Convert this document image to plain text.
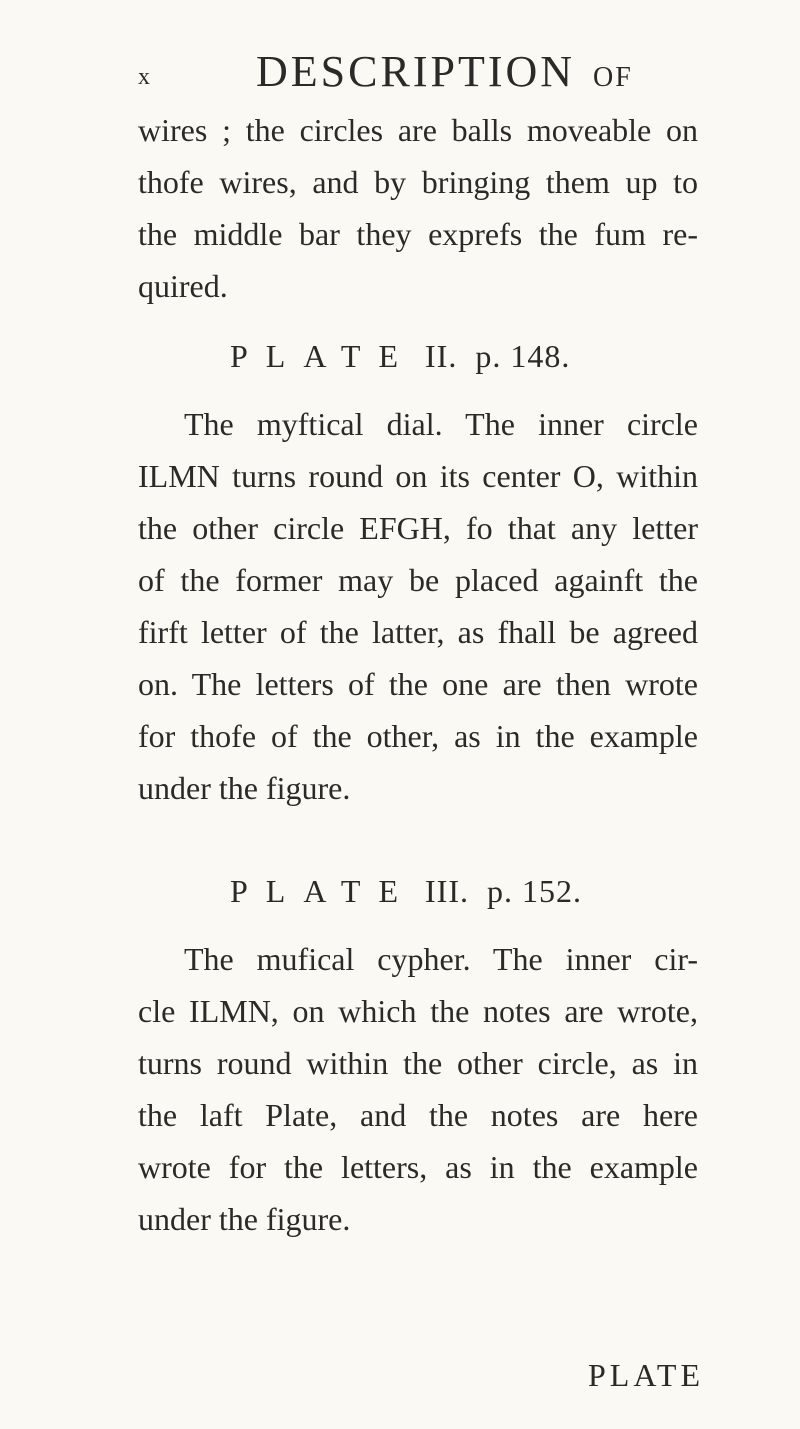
x DESCRIPTION OF
wires ; the circles are balls moveable on
thofe wires, and by bringing them up to
the middle bar they exprefs the fum re-
quired.
PLATE II. p. 148.
The myftical dial. The inner circle
ILMN turns round on its center O, within
the other circle EFGH, fo that any letter
of the former may be placed againft the
firft letter of the latter, as fhall be agreed
on. The letters of the one are then wrote
for thofe of the other, as in the example
under the figure.
PLATE III. p. 152.
The mufical cypher. The inner cir-
cle ILMN, on which the notes are wrote,
turns round within the other circle, as in
the laft Plate, and the notes are here
wrote for the letters, as in the example
under the figure.
PLATE
